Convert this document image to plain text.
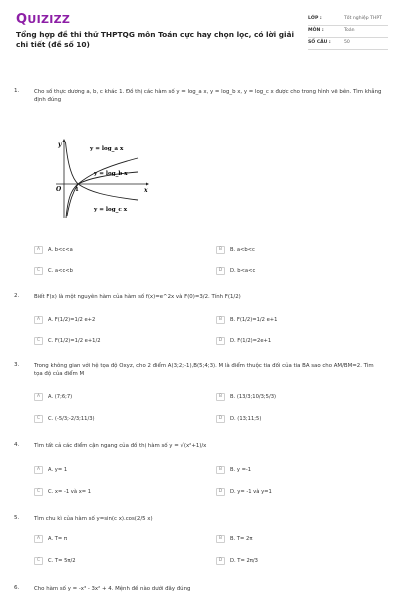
QUIZIZZ
Tổng hợp đề thi thử THPTQG môn Toán cực hay chọn lọc, có lời giải chi tiết (đề số 10)
LỚP :	Tốt nghiệp THPT
MÔN :	Toán
SỐ CÂU :	50
1.	Cho số thực dương a, b, c khác 1. Đồ thị các hàm số y = log_a x, y = log_b x, y = log_c x được cho trong hình vẽ bên. Tìm khẳng định đúng
y
O	x
1
y = log_a x
y = log_b x
y = log_c x
A	A. b<c<a	B	B. a<b<c
C	C. a<c<b	D	D. b<a<c
2.	Biết F(x) là một nguyên hàm của hàm số f(x)=e^2x và F(0)=3/2. Tính F(1/2)
A	A. F(1/2)=1/2 e+2	B	B. F(1/2)=1/2 e+1
C	C. F(1/2)=1/2 e+1/2	D	D. F(1/2)=2e+1
3.	Trong không gian với hệ tọa độ Oxyz, cho 2 điểm A(3;2;-1),B(5;4;3). M là điểm thuộc tia đối của tia BA sao cho AM/BM=2. Tìm tọa độ của điểm M
A	A. (7;6;7)	B	B. (13/3;10/3;5/3)
C	C. (-5/3;-2/3;11/3)	D	D. (13;11;5)
4.	Tìm tất cả các điểm cận ngang của đồ thị hàm số y = √(x²+1)/x
A	A. y= 1	B	B. y =-1
C	C. x= -1 và x= 1	D	D. y= -1 và y=1
5.	Tìm chu kì của hàm số y=sin(c x).cos(2/5 x)
A	A. T= π	B	B. T= 2π
C	C. T= 5π/2	D	D. T= 2π/3
6.	Cho hàm số y = -x³ - 3x² + 4. Mệnh đề nào dưới đây đúng
